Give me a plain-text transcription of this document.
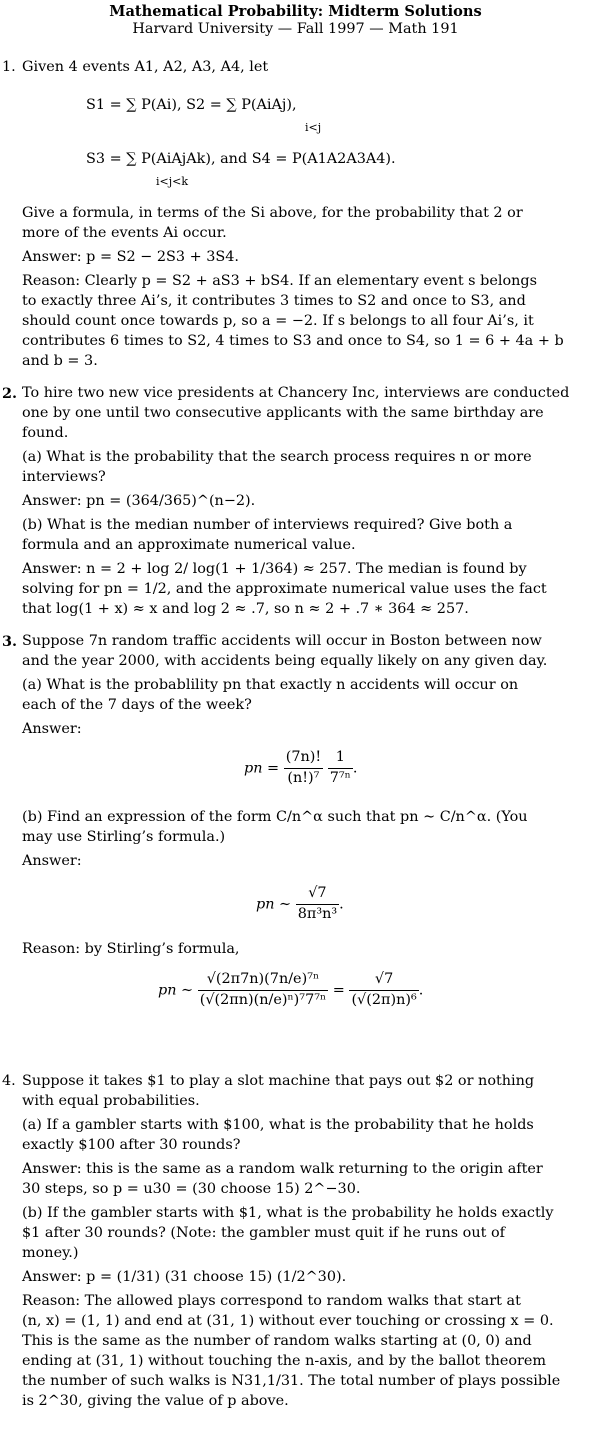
Mathematical Probability: Midterm Solutions
Harvard University — Fall 1997 — Math 191
1. Given 4 events A1, A2, A3, A4, let
S1 = ∑ P(Ai), S2 = ∑ P(AiAj),
i<j
S3 = ∑ P(AiAjAk), and S4 = P(A1A2A3A4).
i<j<k
Give a formula, in terms of the Si above, for the probability that 2 or
more of the events Ai occur.
Answer: p = S2 − 2S3 + 3S4.
Reason: Clearly p = S2 + aS3 + bS4. If an elementary event s belongs
to exactly three Ai’s, it contributes 3 times to S2 and once to S3, and
should count once towards p, so a = −2. If s belongs to all four Ai’s, it
contributes 6 times to S2, 4 times to S3 and once to S4, so 1 = 6 + 4a + b
and b = 3.
2. To hire two new vice presidents at Chancery Inc, interviews are conducted
one by one until two consecutive applicants with the same birthday are
found.
(a) What is the probability that the search process requires n or more
interviews?
Answer: pn = (364/365)^(n−2).
(b) What is the median number of interviews required? Give both a
formula and an approximate numerical value.
Answer: n = 2 + log 2/ log(1 + 1/364) ≈ 257. The median is found by
solving for pn = 1/2, and the approximate numerical value uses the fact
that log(1 + x) ≈ x and log 2 ≈ .7, so n ≈ 2 + .7 ∗ 364 ≈ 257.
3. Suppose 7n random traffic accidents will occur in Boston between now
and the year 2000, with accidents being equally likely on any given day.
(a) What is the probablility pn that exactly n accidents will occur on
each of the 7 days of the week?
Answer:
pn = $\frac{(7n)!}{\text{(n!)⁷}}$
$\frac{1}{\text{7⁷ⁿ}}$ .
(b) Find an expression of the form C/n^α such that pn ∼ C/n^α. (You
may use Stirling’s formula.)
Answer:
pn ∼ $\frac{√7}{\text{8π³n³}}$ .
Reason: by Stirling’s formula,
pn ∼ $\frac{\text{√(2π7n)(7n/e)⁷ⁿ}}{\text{(√(2πn)(n/e)ⁿ)⁷7⁷ⁿ}} = \frac{√7}{\text{(√(2π)n)⁶}}$ .
4. Suppose it takes $1 to play a slot machine that pays out $2 or nothing
with equal probabilities.
(a) If a gambler starts with $100, what is the probability that he holds
exactly $100 after 30 rounds?
Answer: this is the same as a random walk returning to the origin after
30 steps, so p = u30 = (30 choose 15) 2^−30.
(b) If the gambler starts with $1, what is the probability he holds exactly
$1 after 30 rounds? (Note: the gambler must quit if he runs out of
money.)
Answer: p = (1/31) (31 choose 15) (1/2^30).
Reason: The allowed plays correspond to random walks that start at
(n, x) = (1, 1) and end at (31, 1) without ever touching or crossing x = 0.
This is the same as the number of random walks starting at (0, 0) and
ending at (31, 1) without touching the n-axis, and by the ballot theorem
the number of such walks is N31,1/31. The total number of plays possible
is 2^30, giving the value of p above.
